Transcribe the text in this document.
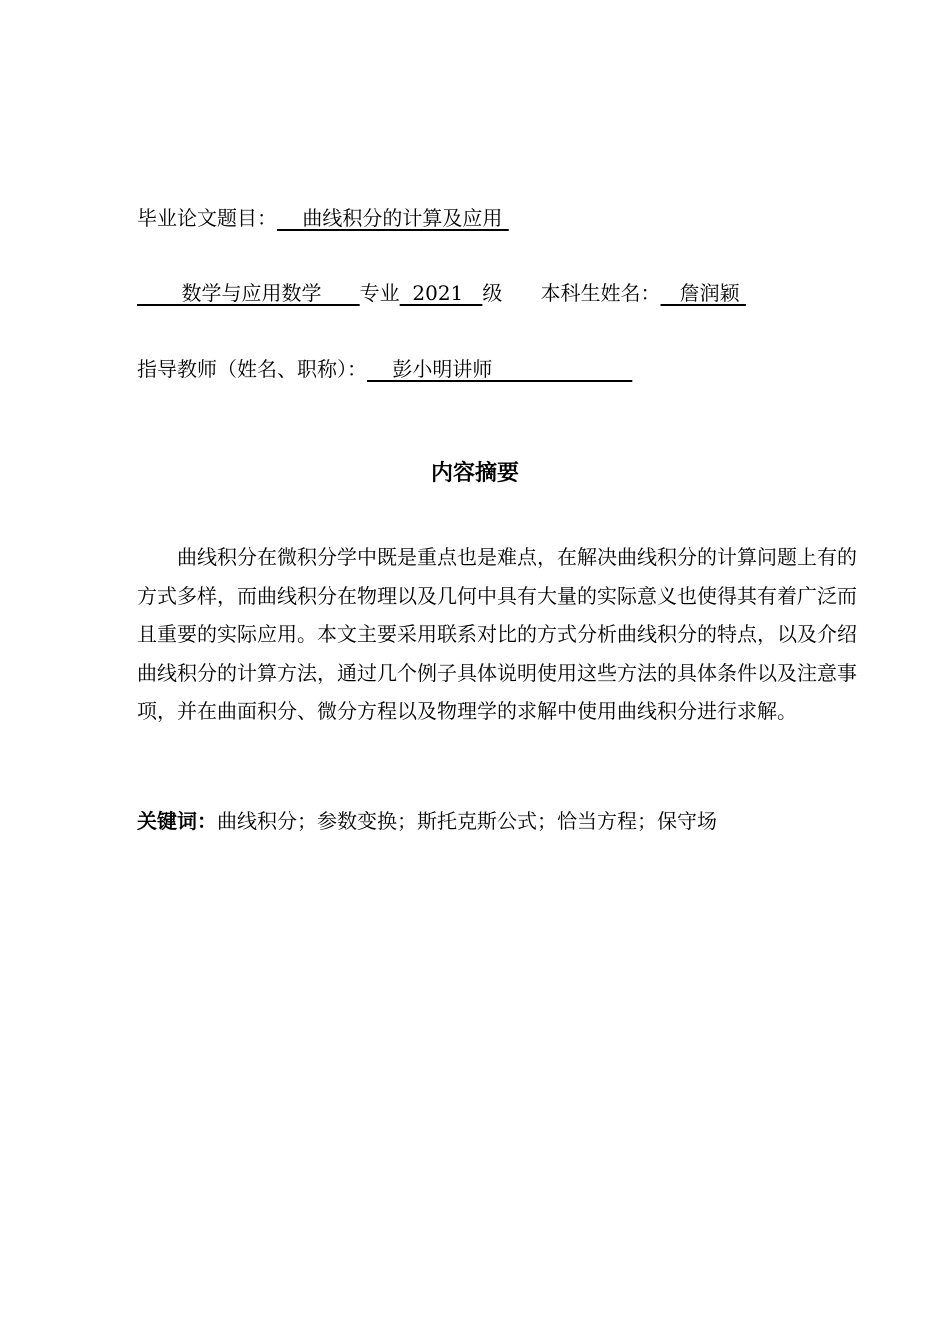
毕业论文题目：    曲线积分的计算及应用
数学与应用数学      专业  2021   级      本科生姓名：   詹润颖
指导教师（姓名、职称）：    彭小明讲师
内容摘要

曲线积分在微积分学中既是重点也是难点，在解决曲线积分的计算问题上有的方式多样，而曲线积分在物理以及几何中具有大量的实际意义也使得其有着广泛而且重要的实际应用。本文主要采用联系对比的方式分析曲线积分的特点，以及介绍曲线积分的计算方法，通过几个例子具体说明使用这些方法的具体条件以及注意事项，并在曲面积分、微分方程以及物理学的求解中使用曲线积分进行求解。

关键词：曲线积分；参数变换；斯托克斯公式；恰当方程；保守场
